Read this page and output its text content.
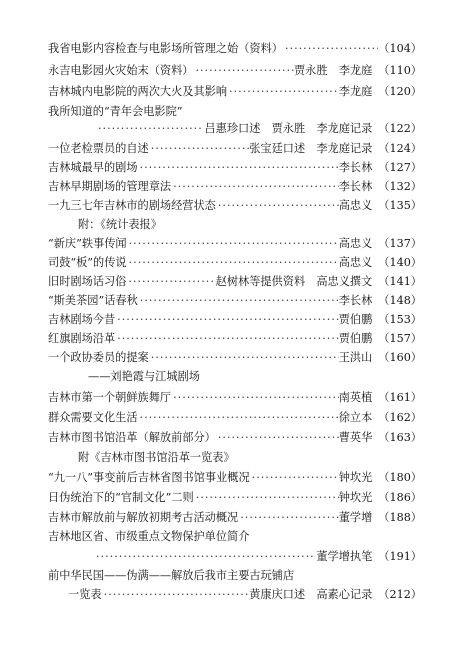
我省电影内容检查与电影场所管理之始（资料） ·····	（104）
永吉电影园火灾始末（资料） ·····	贾永胜　李龙庭 （110）
吉林城内电影院的两次大火及其影响 ·····	李龙庭 （120）
我所知道的“青年会电影院”
·····
吕惠珍口述　贾永胜　李龙庭记录 （122）
一位老检票员的自述 ·····	张宝廷口述　李龙庭记录 （124）
吉林城最早的剧场 ·····	李长林 （127）
吉林早期剧场的管理章法 ·····	李长林 （132）
一九三七年吉林市的剧场经营状态 ·····	高忠义 （135）
附：《统计表报》
“新庆”轶事传闻 ·····	高忠义 （137）
司鼓“板”的传说 ·····	高忠义 （140）
旧时剧场话习俗 ·····	赵树林等提供资料　高忠义撰文 （141）
“斯美茶园”话春秋 ·····	李长林 （148）
吉林剧场今昔 ·····	贾伯鹏 （153）
红旗剧场沿革 ·····	贾伯鹏 （157）
一个政协委员的提案 ·····	王洪山 （160）
——刘艳霞与江城剧场
吉林市第一个朝鲜族舞厅 ·····	南英植 （161）
群众需要文化生活 ·····	徐立本 （162）
吉林市图书馆沿革（解放前部分） ·····	曹英华 （163）
附《吉林市图书馆沿革一览表》
“九一八”事变前后吉林省图书馆事业概况 ·····	钟坎光 （180）
日伪统治下的“官制文化”二则 ·····	钟坎光 （186）
吉林市解放前与解放初期考古活动概况 ·····	董学增 （188）
吉林地区省、市级重点文物保护单位简介
·····
董学增执笔 （191）
前中华民国——伪满——解放后我市主要古玩铺店
一览表 ·····	黄康庆口述　高素心记录 （212）
